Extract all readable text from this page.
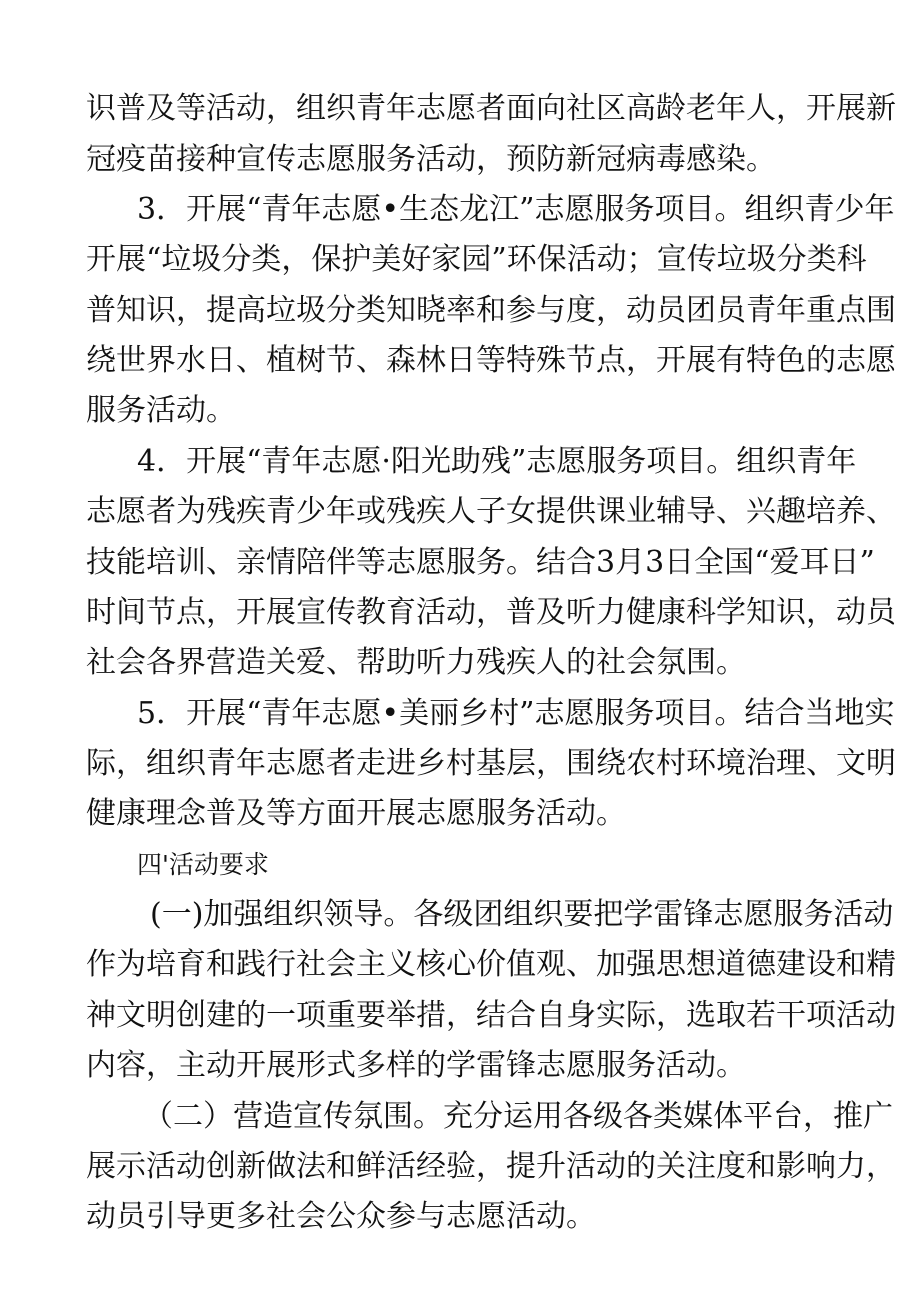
识普及等活动，组织青年志愿者面向社区高龄老年人，开展新
冠疫苗接种宣传志愿服务活动，预防新冠病毒感染。
3．开展“青年志愿•生态龙江”志愿服务项目。组织青少年
开展“垃圾分类，保护美好家园”环保活动；宣传垃圾分类科
普知识，提高垃圾分类知晓率和参与度，动员团员青年重点围
绕世界水日、植树节、森林日等特殊节点，开展有特色的志愿
服务活动。
4．开展“青年志愿·阳光助残”志愿服务项目。组织青年
志愿者为残疾青少年或残疾人子女提供课业辅导、兴趣培养、
技能培训、亲情陪伴等志愿服务。结合3月3日全国“爱耳日”
时间节点，开展宣传教育活动，普及听力健康科学知识，动员
社会各界营造关爱、帮助听力残疾人的社会氛围。
5．开展“青年志愿•美丽乡村”志愿服务项目。结合当地实
际，组织青年志愿者走进乡村基层，围绕农村环境治理、文明
健康理念普及等方面开展志愿服务活动。
四'活动要求
(一)加强组织领导。各级团组织要把学雷锋志愿服务活动
作为培育和践行社会主义核心价值观、加强思想道德建设和精
神文明创建的一项重要举措，结合自身实际，选取若干项活动
内容，主动开展形式多样的学雷锋志愿服务活动。
（二）营造宣传氛围。充分运用各级各类媒体平台，推广
展示活动创新做法和鲜活经验，提升活动的关注度和影响力，
动员引导更多社会公众参与志愿活动。
